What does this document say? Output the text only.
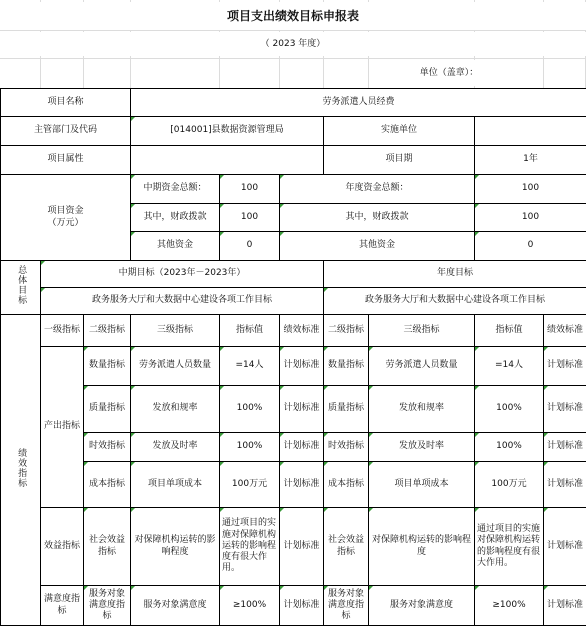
项目支出绩效目标申报表
（ 2023 年度）
单位（盖章）：
项目名称			劳务派遣人员经费						
主管部门及代码			[014001]县数据资源管理局			实施单位			
项目属性						项目期		1年	
项目资金
（万元）			中期资金总额：	100	年度资金总额：			100	
			其中，财政拨款	100	其中，财政拨款			100	
			其他资金	0	其他资金			0	
总体目标	中期目标（2023年－2023年）					年度目标			
	政务服务大厅和大数据中心建设各项工作目标					政务服务大厅和大数据中心建设各项工作目标			
绩效指标	一级指标	二级指标	三级指标	指标值	绩效标准	二级指标	三级指标	指标值	绩效标准
	产出指标	数量指标	劳务派遣人员数量	=14人	计划标准	数量指标	劳务派遣人员数量	=14人	计划标准
		质量指标	发放和规率	100%	计划标准	质量指标	发放和规率	100%	计划标准
		时效指标	发放及时率	100%	计划标准	时效指标	发放及时率	100%	计划标准
		成本指标	项目单项成本	100万元	计划标准	成本指标	项目单项成本	100万元	计划标准
	效益指标	社会效益指标	对保障机构运转的影响程度	通过项目的实施对保障机构运转的影响程度有很大作用。	计划标准	社会效益指标	对保障机构运转的影响程度	通过项目的实施对保障机构运转的影响程度有很大作用。	计划标准
	满意度指标	服务对象满意度指标	服务对象满意度	≥100%	计划标准	服务对象满意度指标	服务对象满意度	≥100%	计划标准
